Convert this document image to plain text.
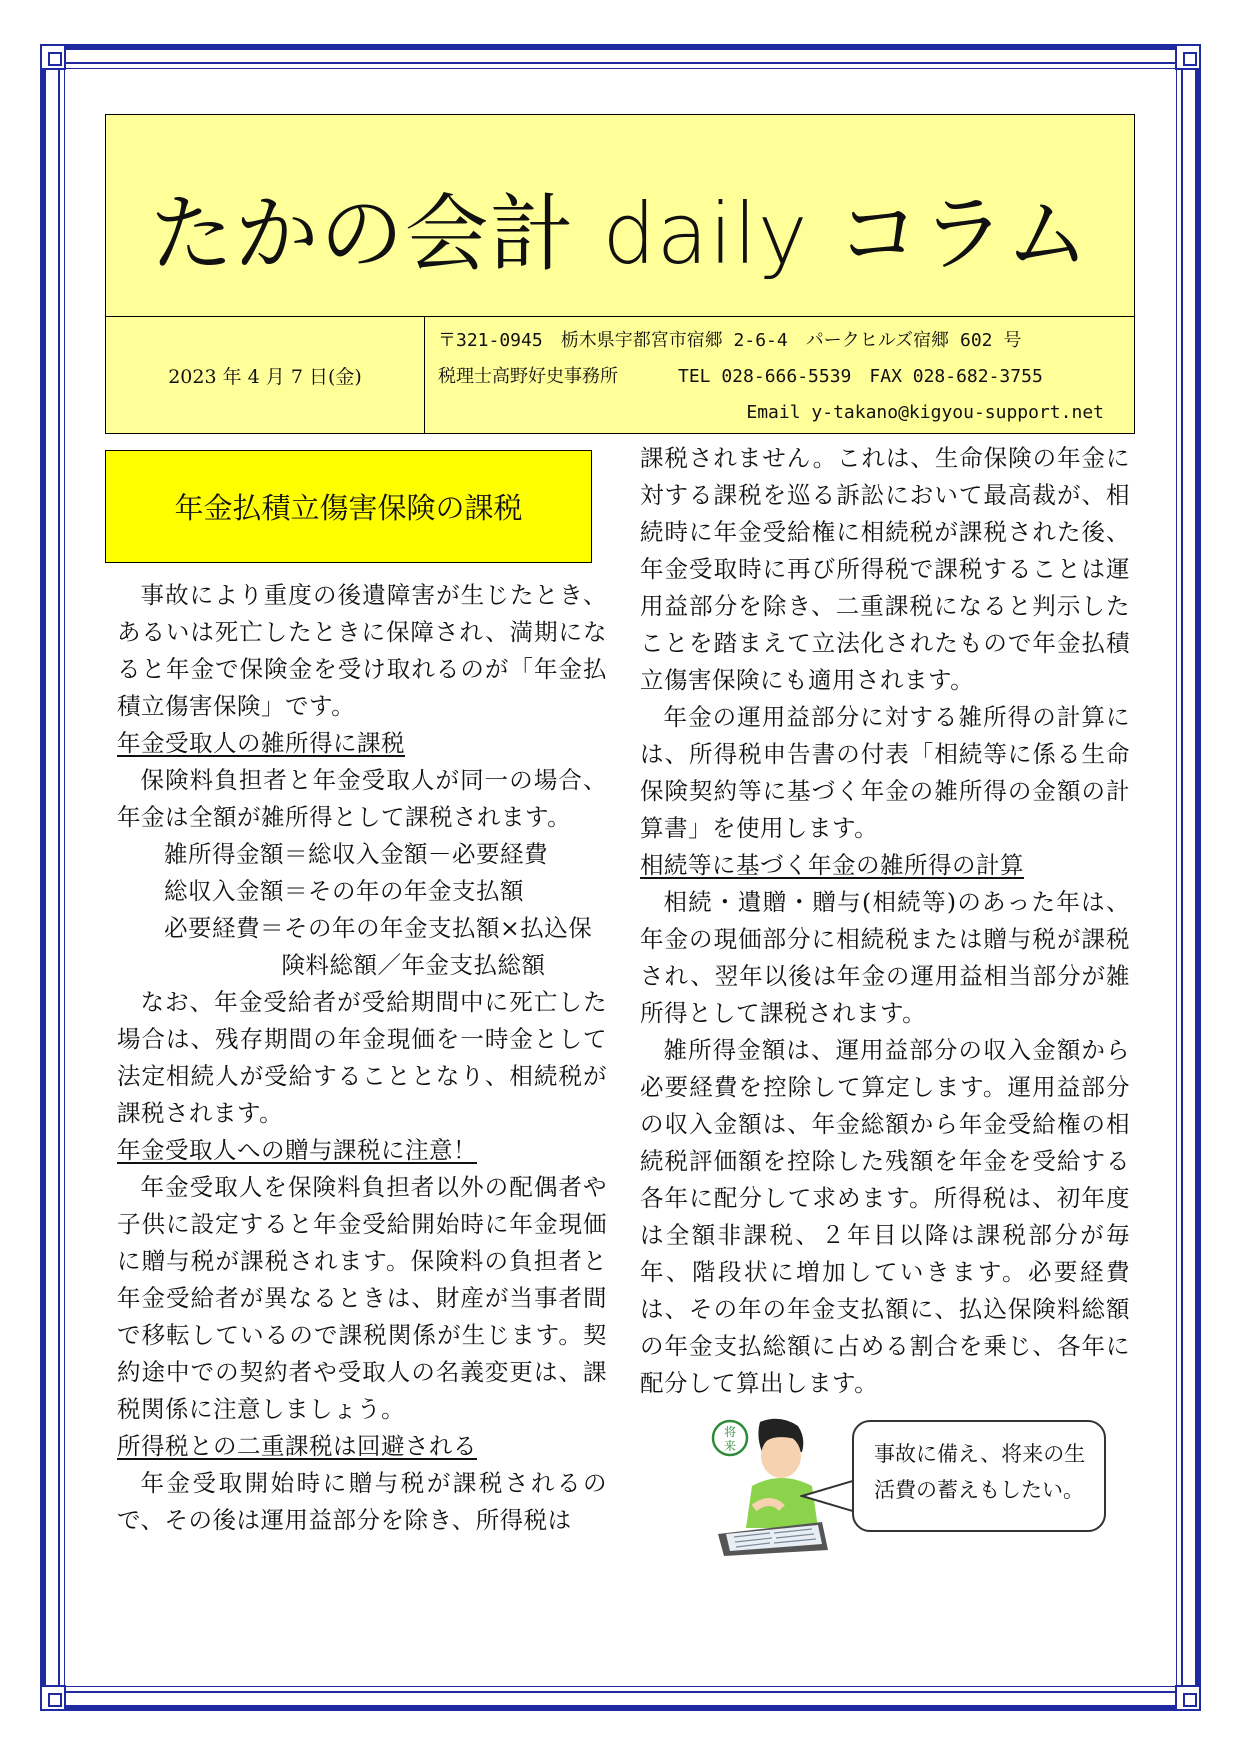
たかの会計 daily コラム
2023 年 4 月 7 日(金)
〒321-0945　栃木県宇都宮市宿郷 2-6-4　パークヒルズ宿郷 602 号
税理士高野好史事務所	TEL 028-666-5539　FAX 028-682-3755

Email y-takano@kigyou-support.net
年金払積立傷害保険の課税

事故により重度の後遺障害が生じたとき、あるいは死亡したときに保障され、満期になると年金で保険金を受け取れるのが「年金払積立傷害保険」です。

年金受取人の雑所得に課税

保険料負担者と年金受取人が同一の場合、年金は全額が雑所得として課税されます。

雑所得金額＝総収入金額－必要経費

総収入金額＝その年の年金支払額

必要経費＝その年の年金支払額×払込保

険料総額／年金支払総額

なお、年金受給者が受給期間中に死亡した場合は、残存期間の年金現価を一時金として法定相続人が受給することとなり、相続税が課税されます。

年金受取人への贈与課税に注意！

年金受取人を保険料負担者以外の配偶者や子供に設定すると年金受給開始時に年金現価に贈与税が課税されます。保険料の負担者と年金受給者が異なるときは、財産が当事者間で移転しているので課税関係が生じます。契約途中での契約者や受取人の名義変更は、課税関係に注意しましょう。

所得税との二重課税は回避される

年金受取開始時に贈与税が課税されるので、その後は運用益部分を除き、所得税は

課税されません。これは、生命保険の年金に対する課税を巡る訴訟において最高裁が、相続時に年金受給権に相続税が課税された後、年金受取時に再び所得税で課税することは運用益部分を除き、二重課税になると判示したことを踏まえて立法化されたもので年金払積立傷害保険にも適用されます。

年金の運用益部分に対する雑所得の計算には、所得税申告書の付表「相続等に係る生命保険契約等に基づく年金の雑所得の金額の計算書」を使用します。

相続等に基づく年金の雑所得の計算

相続・遺贈・贈与(相続等)のあった年は、年金の現価部分に相続税または贈与税が課税され、翌年以後は年金の運用益相当部分が雑所得として課税されます。

雑所得金額は、運用益部分の収入金額から必要経費を控除して算定します。運用益部分の収入金額は、年金総額から年金受給権の相続税評価額を控除した残額を年金を受給する各年に配分して求めます。所得税は、初年度は全額非課税、２年目以降は課税部分が毎年、階段状に増加していきます。必要経費は、その年の年金支払額に、払込保険料総額の年金支払総額に占める割合を乗じ、各年に配分して算出します。

将
来	事故に備え、将来の生活費の蓄えもしたい。
